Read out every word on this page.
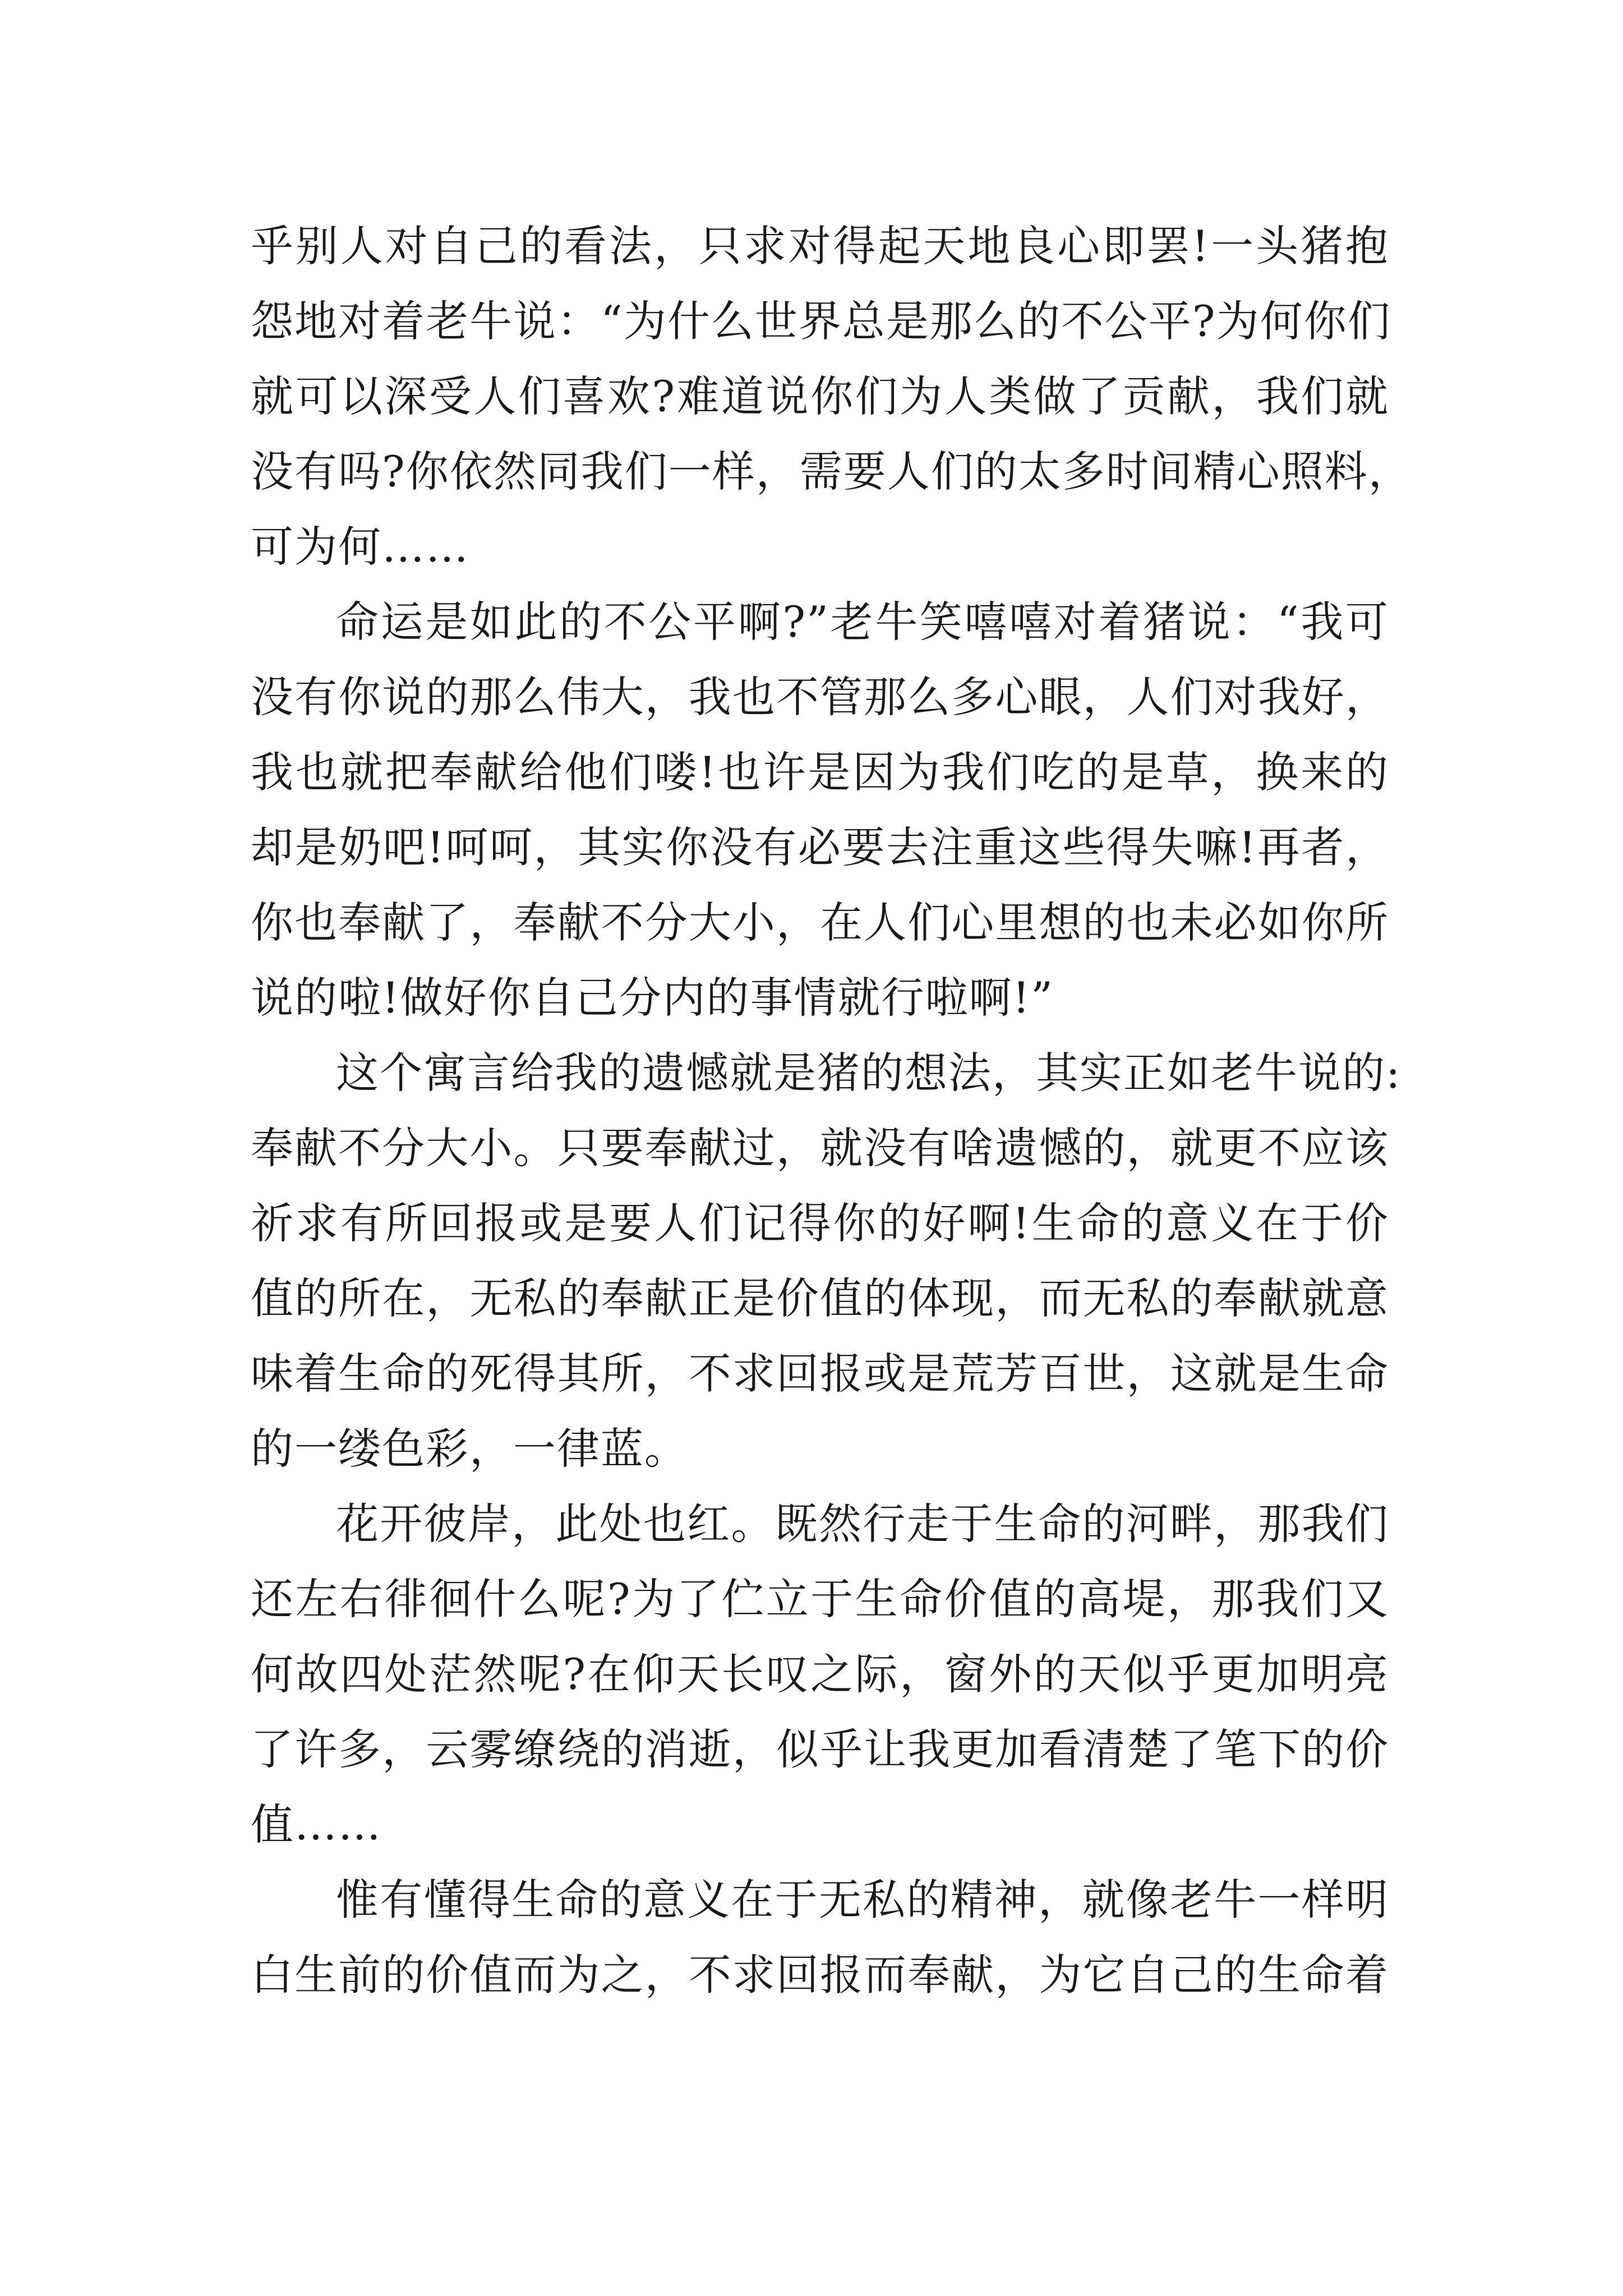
乎别人对自己的看法，只求对得起天地良心即罢!一头猪抱
怨地对着老牛说：“为什么世界总是那么的不公平?为何你们
就可以深受人们喜欢?难道说你们为人类做了贡献，我们就
没有吗?你依然同我们一样，需要人们的太多时间精心照料，
可为何……
命运是如此的不公平啊?”老牛笑嘻嘻对着猪说：“我可
没有你说的那么伟大，我也不管那么多心眼，人们对我好，
我也就把奉献给他们喽!也许是因为我们吃的是草，换来的
却是奶吧!呵呵，其实你没有必要去注重这些得失嘛!再者，
你也奉献了，奉献不分大小，在人们心里想的也未必如你所
说的啦!做好你自己分内的事情就行啦啊!”
这个寓言给我的遗憾就是猪的想法，其实正如老牛说的:
奉献不分大小。只要奉献过，就没有啥遗憾的，就更不应该
祈求有所回报或是要人们记得你的好啊!生命的意义在于价
值的所在，无私的奉献正是价值的体现，而无私的奉献就意
味着生命的死得其所，不求回报或是荒芳百世，这就是生命
的一缕色彩，一律蓝。
花开彼岸，此处也红。既然行走于生命的河畔，那我们
还左右徘徊什么呢?为了伫立于生命价值的高堤，那我们又
何故四处茫然呢?在仰天长叹之际，窗外的天似乎更加明亮
了许多，云雾缭绕的消逝，似乎让我更加看清楚了笔下的价
值……
惟有懂得生命的意义在于无私的精神，就像老牛一样明
白生前的价值而为之，不求回报而奉献，为它自己的生命着
